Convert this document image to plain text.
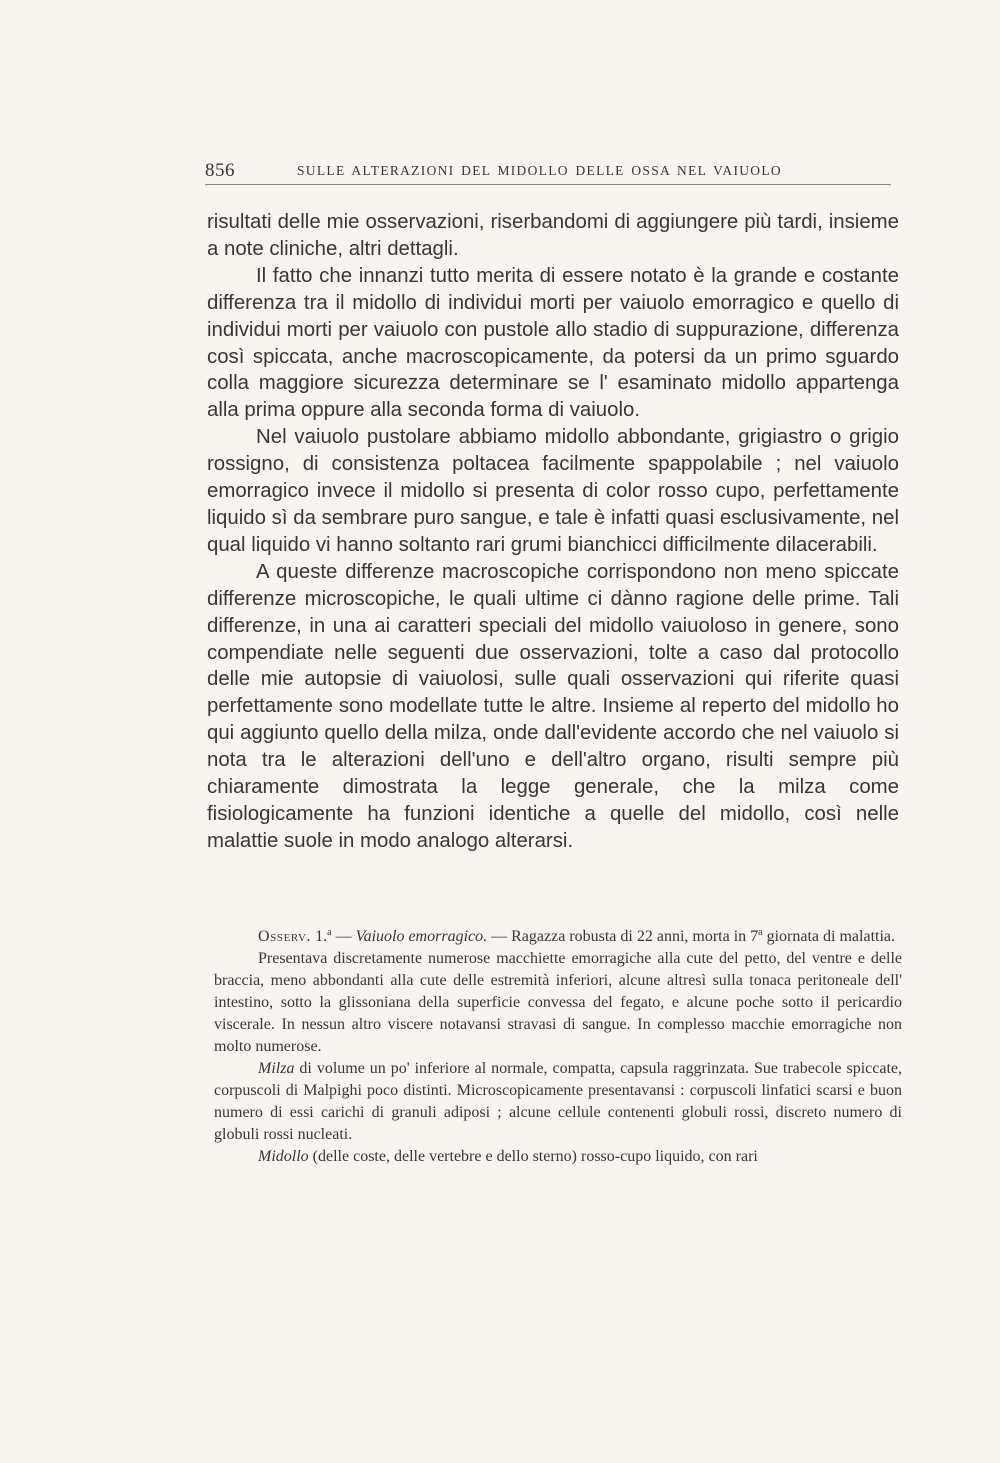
856	SULLE ALTERAZIONI DEL MIDOLLO DELLE OSSA NEL VAIUOLO

risultati delle mie osservazioni, riserbandomi di aggiungere più tardi, insieme a note cliniche, altri dettagli.

Il fatto che innanzi tutto merita di essere notato è la grande e costante differenza tra il midollo di individui morti per vaiuolo emorragico e quello di individui morti per vaiuolo con pustole allo stadio di suppurazione, differenza così spiccata, anche macroscopicamente, da potersi da un primo sguardo colla maggiore sicurezza determinare se l' esaminato midollo appartenga alla prima oppure alla seconda forma di vaiuolo.

Nel vaiuolo pustolare abbiamo midollo abbondante, grigiastro o grigio rossigno, di consistenza poltacea facilmente spappolabile ; nel vaiuolo emorragico invece il midollo si presenta di color rosso cupo, perfettamente liquido sì da sembrare puro sangue, e tale è infatti quasi esclusivamente, nel qual liquido vi hanno soltanto rari grumi bianchicci difficilmente dilacerabili.

A queste differenze macroscopiche corrispondono non meno spiccate differenze microscopiche, le quali ultime ci dànno ragione delle prime. Tali differenze, in una ai caratteri speciali del midollo vaiuoloso in genere, sono compendiate nelle seguenti due osservazioni, tolte a caso dal protocollo delle mie autopsie di vaiuolosi, sulle quali osservazioni qui riferite quasi perfettamente sono modellate tutte le altre. Insieme al reperto del midollo ho qui aggiunto quello della milza, onde dall'evidente accordo che nel vaiuolo si nota tra le alterazioni dell'uno e dell'altro organo, risulti sempre più chiaramente dimostrata la legge generale, che la milza come fisiologicamente ha funzioni identiche a quelle del midollo, così nelle malattie suole in modo analogo alterarsi.

Osserv. 1.$^a$ — Vaiuolo emorragico. — Ragazza robusta di 22 anni, morta in 7$^a$ giornata di malattia.

Presentava discretamente numerose macchiette emorragiche alla cute del petto, del ventre e delle braccia, meno abbondanti alla cute delle estremità inferiori, alcune altresì sulla tonaca peritoneale dell' intestino, sotto la glissoniana della superficie convessa del fegato, e alcune poche sotto il pericardio viscerale. In nessun altro viscere notavansi stravasi di sangue. In complesso macchie emorragiche non molto numerose.

Milza di volume un po' inferiore al normale, compatta, capsula raggrinzata. Sue trabecole spiccate, corpuscoli di Malpighi poco distinti. Microscopicamente presentavansi : corpuscoli linfatici scarsi e buon numero di essi carichi di granuli adiposi ; alcune cellule contenenti globuli rossi, discreto numero di globuli rossi nucleati.

Midollo (delle coste, delle vertebre e dello sterno) rosso-cupo liquido, con rari
